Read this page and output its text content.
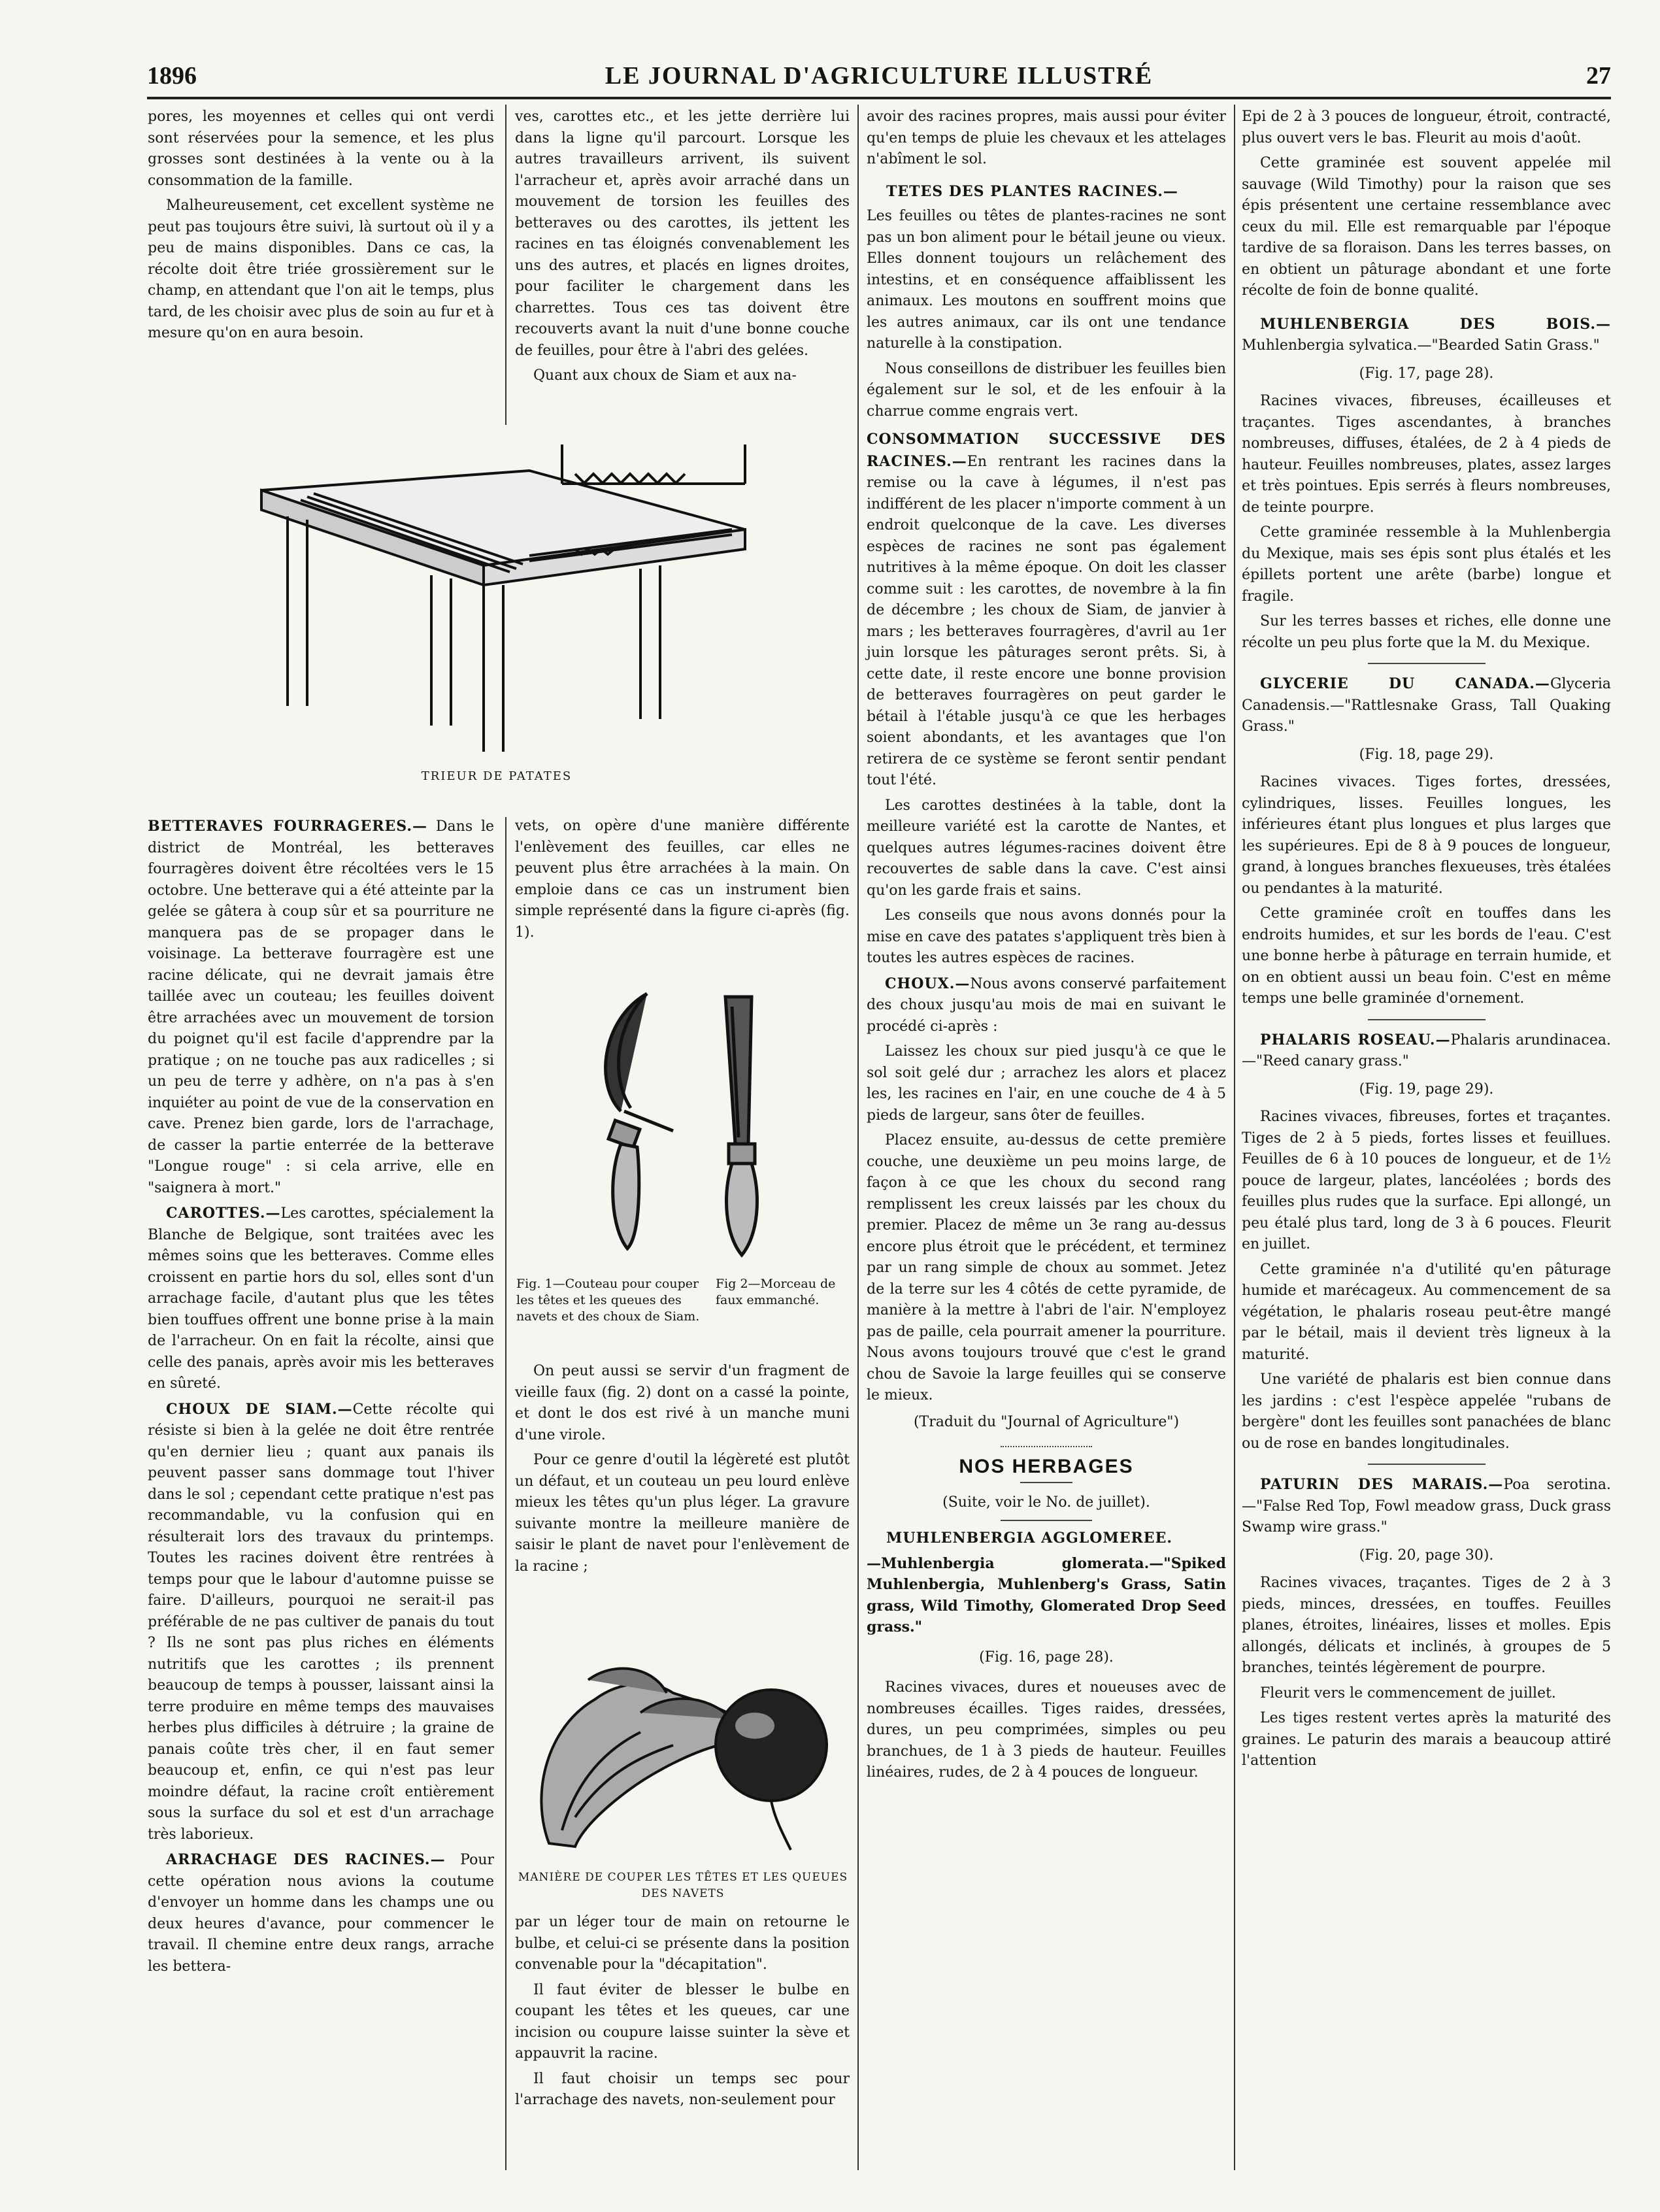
1896	LE JOURNAL D'AGRICULTURE ILLUSTRÉ	27

pores, les moyennes et celles qui ont verdi sont réservées pour la semence, et les plus grosses sont destinées à la vente ou à la consommation de la famille.

Malheureusement, cet excellent système ne peut pas toujours être suivi, là surtout où il y a peu de mains disponibles. Dans ce cas, la récolte doit être triée grossièrement sur le champ, en attendant que l'on ait le temps, plus tard, de les choisir avec plus de soin au fur et à mesure qu'on en aura besoin.

ves, carottes etc., et les jette derrière lui dans la ligne qu'il parcourt. Lorsque les autres travailleurs arrivent, ils suivent l'arracheur et, après avoir arraché dans un mouvement de torsion les feuilles des betteraves ou des carottes, ils jettent les racines en tas éloignés convenablement les uns des autres, et placés en lignes droites, pour faciliter le chargement dans les charrettes. Tous ces tas doivent être recouverts avant la nuit d'une bonne couche de feuilles, pour être à l'abri des gelées.

Quant aux choux de Siam et aux na-

TRIEUR DE PATATES

BETTERAVES FOURRAGERES.— Dans le district de Montréal, les betteraves fourragères doivent être récoltées vers le 15 octobre. Une betterave qui a été atteinte par la gelée se gâtera à coup sûr et sa pourriture ne manquera pas de se propager dans le voisinage. La betterave fourragère est une racine délicate, qui ne devrait jamais être taillée avec un couteau; les feuilles doivent être arrachées avec un mouvement de torsion du poignet qu'il est facile d'apprendre par la pratique ; on ne touche pas aux radicelles ; si un peu de terre y adhère, on n'a pas à s'en inquiéter au point de vue de la conservation en cave. Prenez bien garde, lors de l'arrachage, de casser la partie enterrée de la betterave "Longue rouge" : si cela arrive, elle en "saignera à mort."

CAROTTES.—Les carottes, spécialement la Blanche de Belgique, sont traitées avec les mêmes soins que les betteraves. Comme elles croissent en partie hors du sol, elles sont d'un arrachage facile, d'autant plus que les têtes bien touffues offrent une bonne prise à la main de l'arracheur. On en fait la récolte, ainsi que celle des panais, après avoir mis les betteraves en sûreté.

CHOUX DE SIAM.—Cette récolte qui résiste si bien à la gelée ne doit être rentrée qu'en dernier lieu ; quant aux panais ils peuvent passer sans dommage tout l'hiver dans le sol ; cependant cette pratique n'est pas recommandable, vu la confusion qui en résulterait lors des travaux du printemps. Toutes les racines doivent être rentrées à temps pour que le labour d'automne puisse se faire. D'ailleurs, pourquoi ne serait-il pas préférable de ne pas cultiver de panais du tout ? Ils ne sont pas plus riches en éléments nutritifs que les carottes ; ils prennent beaucoup de temps à pousser, laissant ainsi la terre produire en même temps des mauvaises herbes plus difficiles à détruire ; la graine de panais coûte très cher, il en faut semer beaucoup et, enfin, ce qui n'est pas leur moindre défaut, la racine croît entièrement sous la surface du sol et est d'un arrachage très laborieux.

ARRACHAGE DES RACINES.— Pour cette opération nous avions la coutume d'envoyer un homme dans les champs une ou deux heures d'avance, pour commencer le travail. Il chemine entre deux rangs, arrache les bettera-

vets, on opère d'une manière différente l'enlèvement des feuilles, car elles ne peuvent plus être arrachées à la main. On emploie dans ce cas un instrument bien simple représenté dans la figure ci-après (fig. 1).

Fig. 1—Couteau pour couper les têtes et les queues des navets et des choux de Siam.
Fig 2—Morceau de faux emmanché.

On peut aussi se servir d'un fragment de vieille faux (fig. 2) dont on a cassé la pointe, et dont le dos est rivé à un manche muni d'une virole.

Pour ce genre d'outil la légèreté est plutôt un défaut, et un couteau un peu lourd enlève mieux les têtes qu'un plus léger. La gravure suivante montre la meilleure manière de saisir le plant de navet pour l'enlèvement de la racine ;

MANIÈRE DE COUPER LES TÊTES ET LES QUEUES DES NAVETS

par un léger tour de main on retourne le bulbe, et celui-ci se présente dans la position convenable pour la "décapitation".

Il faut éviter de blesser le bulbe en coupant les têtes et les queues, car une incision ou coupure laisse suinter la sève et appauvrit la racine.

Il faut choisir un temps sec pour l'arrachage des navets, non-seulement pour

avoir des racines propres, mais aussi pour éviter qu'en temps de pluie les chevaux et les attelages n'abîment le sol.

TETES DES PLANTES RACINES.—

Les feuilles ou têtes de plantes-racines ne sont pas un bon aliment pour le bétail jeune ou vieux. Elles donnent toujours un relâchement des intestins, et en conséquence affaiblissent les animaux. Les moutons en souffrent moins que les autres animaux, car ils ont une tendance naturelle à la constipation.

Nous conseillons de distribuer les feuilles bien également sur le sol, et de les enfouir à la charrue comme engrais vert.

CONSOMMATION SUCCESSIVE DES RACINES.—En rentrant les racines dans la remise ou la cave à légumes, il n'est pas indifférent de les placer n'importe comment à un endroit quelconque de la cave. Les diverses espèces de racines ne sont pas également nutritives à la même époque. On doit les classer comme suit : les carottes, de novembre à la fin de décembre ; les choux de Siam, de janvier à mars ; les betteraves fourragères, d'avril au 1er juin lorsque les pâturages seront prêts. Si, à cette date, il reste encore une bonne provision de betteraves fourragères on peut garder le bétail à l'étable jusqu'à ce que les herbages soient abondants, et les avantages que l'on retirera de ce système se feront sentir pendant tout l'été.

Les carottes destinées à la table, dont la meilleure variété est la carotte de Nantes, et quelques autres légumes-racines doivent être recouvertes de sable dans la cave. C'est ainsi qu'on les garde frais et sains.

Les conseils que nous avons donnés pour la mise en cave des patates s'appliquent très bien à toutes les autres espèces de racines.

CHOUX.—Nous avons conservé parfaitement des choux jusqu'au mois de mai en suivant le procédé ci-après :

Laissez les choux sur pied jusqu'à ce que le sol soit gelé dur ; arrachez les alors et placez les, les racines en l'air, en une couche de 4 à 5 pieds de largeur, sans ôter de feuilles.

Placez ensuite, au-dessus de cette première couche, une deuxième un peu moins large, de façon à ce que les choux du second rang remplissent les creux laissés par les choux du premier. Placez de même un 3e rang au-dessus encore plus étroit que le précédent, et terminez par un rang simple de choux au sommet. Jetez de la terre sur les 4 côtés de cette pyramide, de manière à la mettre à l'abri de l'air. N'employez pas de paille, cela pourrait amener la pourriture. Nous avons toujours trouvé que c'est le grand chou de Savoie la large feuilles qui se conserve le mieux.

(Traduit du "Journal of Agriculture")

NOS HERBAGES

(Suite, voir le No. de juillet).

MUHLENBERGIA AGGLOMEREE.

—Muhlenbergia glomerata.—"Spiked Muhlenbergia, Muhlenberg's Grass, Satin grass, Wild Timothy, Glomerated Drop Seed grass."

(Fig. 16, page 28).

Racines vivaces, dures et noueuses avec de nombreuses écailles. Tiges raides, dressées, dures, un peu comprimées, simples ou peu branchues, de 1 à 3 pieds de hauteur. Feuilles linéaires, rudes, de 2 à 4 pouces de longueur.

Epi de 2 à 3 pouces de longueur, étroit, contracté, plus ouvert vers le bas. Fleurit au mois d'août.

Cette graminée est souvent appelée mil sauvage (Wild Timothy) pour la raison que ses épis présentent une certaine ressemblance avec ceux du mil. Elle est remarquable par l'époque tardive de sa floraison. Dans les terres basses, on en obtient un pâturage abondant et une forte récolte de foin de bonne qualité.

MUHLENBERGIA DES BOIS.—Muhlenbergia sylvatica.—"Bearded Satin Grass."

(Fig. 17, page 28).

Racines vivaces, fibreuses, écailleuses et traçantes. Tiges ascendantes, à branches nombreuses, diffuses, étalées, de 2 à 4 pieds de hauteur. Feuilles nombreuses, plates, assez larges et très pointues. Epis serrés à fleurs nombreuses, de teinte pourpre.

Cette graminée ressemble à la Muhlenbergia du Mexique, mais ses épis sont plus étalés et les épillets portent une arête (barbe) longue et fragile.

Sur les terres basses et riches, elle donne une récolte un peu plus forte que la M. du Mexique.

GLYCERIE DU CANADA.—Glyceria Canadensis.—"Rattlesnake Grass, Tall Quaking Grass."

(Fig. 18, page 29).

Racines vivaces. Tiges fortes, dressées, cylindriques, lisses. Feuilles longues, les inférieures étant plus longues et plus larges que les supérieures. Epi de 8 à 9 pouces de longueur, grand, à longues branches flexueuses, très étalées ou pendantes à la maturité.

Cette graminée croît en touffes dans les endroits humides, et sur les bords de l'eau. C'est une bonne herbe à pâturage en terrain humide, et on en obtient aussi un beau foin. C'est en même temps une belle graminée d'ornement.

PHALARIS ROSEAU.—Phalaris arundinacea.—"Reed canary grass."

(Fig. 19, page 29).

Racines vivaces, fibreuses, fortes et traçantes. Tiges de 2 à 5 pieds, fortes lisses et feuillues. Feuilles de 6 à 10 pouces de longueur, et de 1½ pouce de largeur, plates, lancéolées ; bords des feuilles plus rudes que la surface. Epi allongé, un peu étalé plus tard, long de 3 à 6 pouces. Fleurit en juillet.

Cette graminée n'a d'utilité qu'en pâturage humide et marécageux. Au commencement de sa végétation, le phalaris roseau peut-être mangé par le bétail, mais il devient très ligneux à la maturité.

Une variété de phalaris est bien connue dans les jardins : c'est l'espèce appelée "rubans de bergère" dont les feuilles sont panachées de blanc ou de rose en bandes longitudinales.

PATURIN DES MARAIS.—Poa serotina.—"False Red Top, Fowl meadow grass, Duck grass Swamp wire grass."

(Fig. 20, page 30).

Racines vivaces, traçantes. Tiges de 2 à 3 pieds, minces, dressées, en touffes. Feuilles planes, étroites, linéaires, lisses et molles. Epis allongés, délicats et inclinés, à groupes de 5 branches, teintés légèrement de pourpre.

Fleurit vers le commencement de juillet.

Les tiges restent vertes après la maturité des graines. Le paturin des marais a beaucoup attiré l'attention
